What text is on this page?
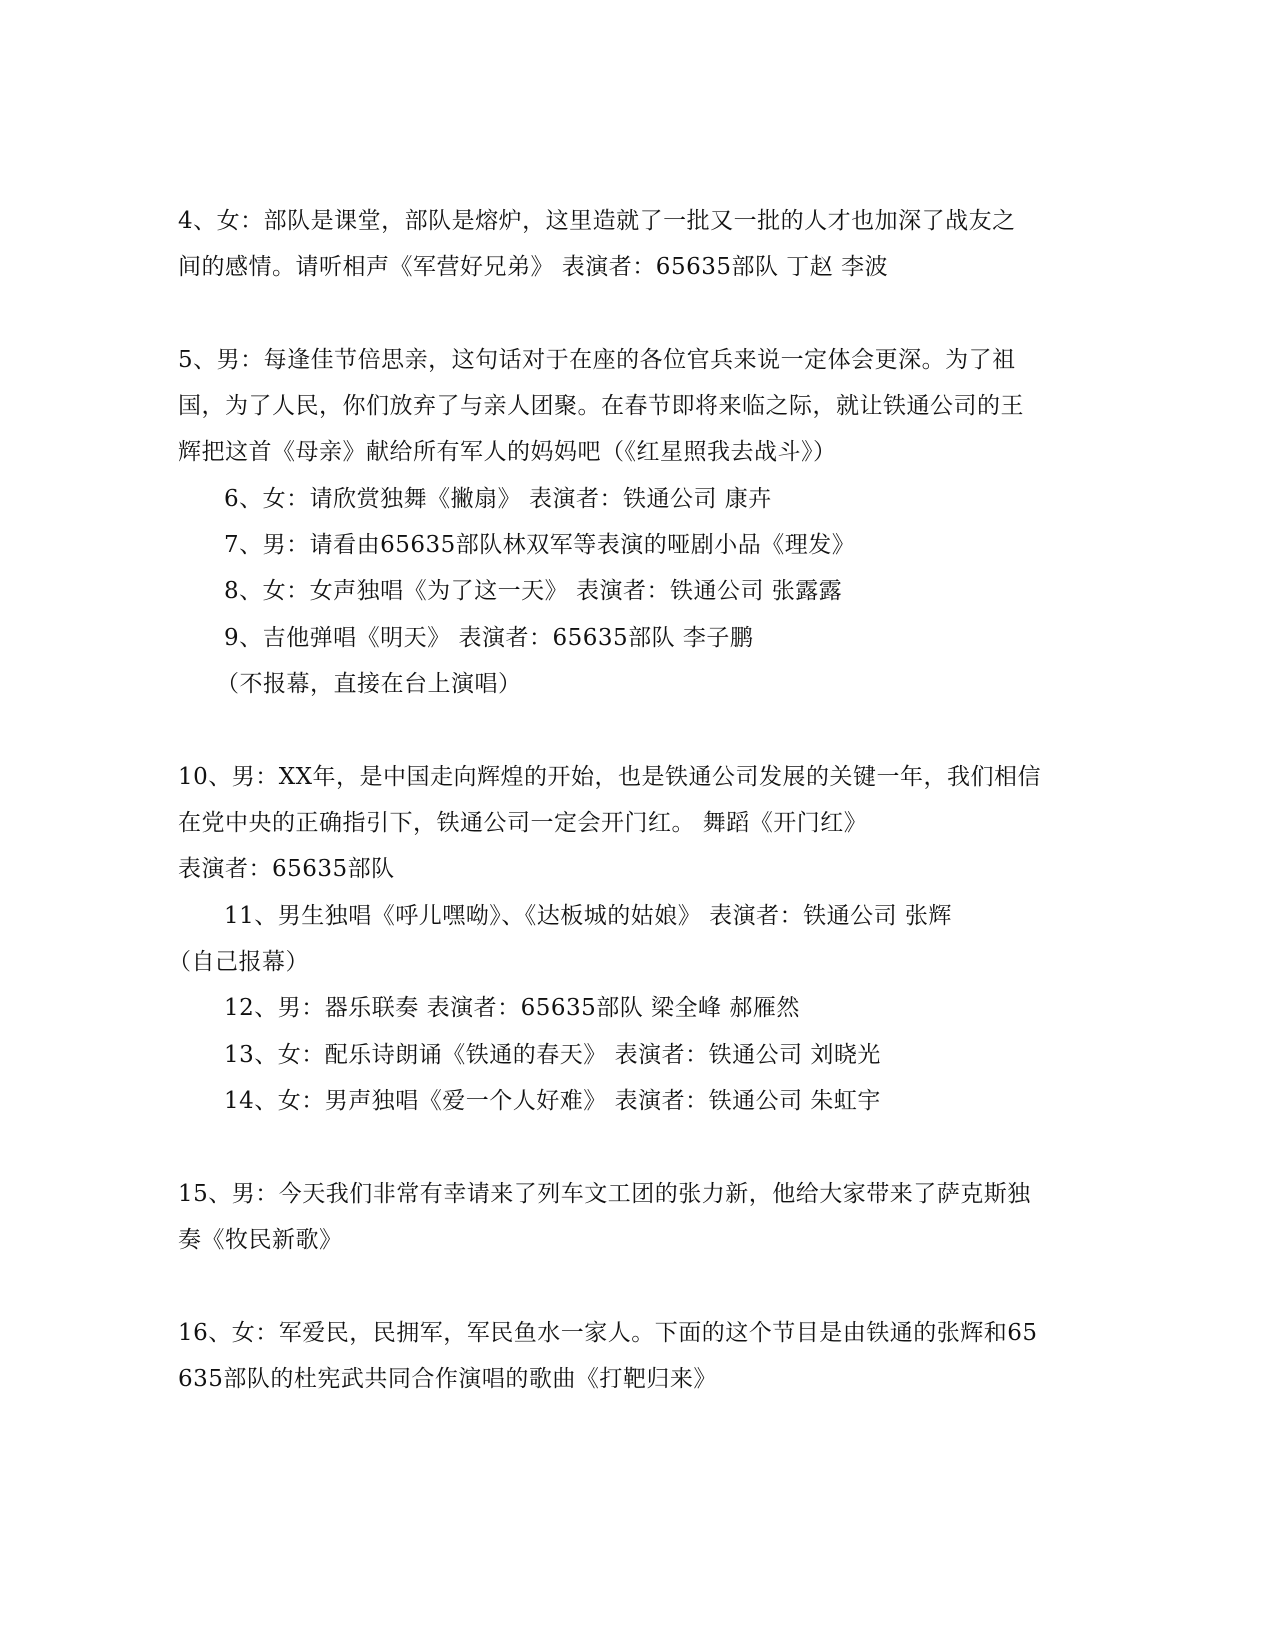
4、女：部队是课堂，部队是熔炉，这里造就了一批又一批的人才也加深了战友之
间的感情。请听相声《军营好兄弟》 表演者：65635部队 丁赵 李波
5、男：每逢佳节倍思亲，这句话对于在座的各位官兵来说一定体会更深。为了祖
国，为了人民，你们放弃了与亲人团聚。在春节即将来临之际，就让铁通公司的王
辉把这首《母亲》献给所有军人的妈妈吧（《红星照我去战斗》）
6、女：请欣赏独舞《撇扇》 表演者：铁通公司 康卉
7、男：请看由65635部队林双军等表演的哑剧小品《理发》
8、女：女声独唱《为了这一天》 表演者：铁通公司 张露露
9、吉他弹唱《明天》 表演者：65635部队 李子鹏
（不报幕，直接在台上演唱）
10、男：XX年，是中国走向辉煌的开始，也是铁通公司发展的关键一年，我们相信
在党中央的正确指引下，铁通公司一定会开门红。 舞蹈《开门红》
表演者：65635部队
11、男生独唱《呼儿嘿呦》、《达板城的姑娘》 表演者：铁通公司 张辉
（自己报幕）
12、男：器乐联奏 表演者：65635部队 梁全峰 郝雁然
13、女：配乐诗朗诵《铁通的春天》 表演者：铁通公司 刘晓光
14、女：男声独唱《爱一个人好难》 表演者：铁通公司 朱虹宇
15、男：今天我们非常有幸请来了列车文工团的张力新，他给大家带来了萨克斯独
奏《牧民新歌》
16、女：军爱民，民拥军，军民鱼水一家人。下面的这个节目是由铁通的张辉和65
635部队的杜宪武共同合作演唱的歌曲《打靶归来》
